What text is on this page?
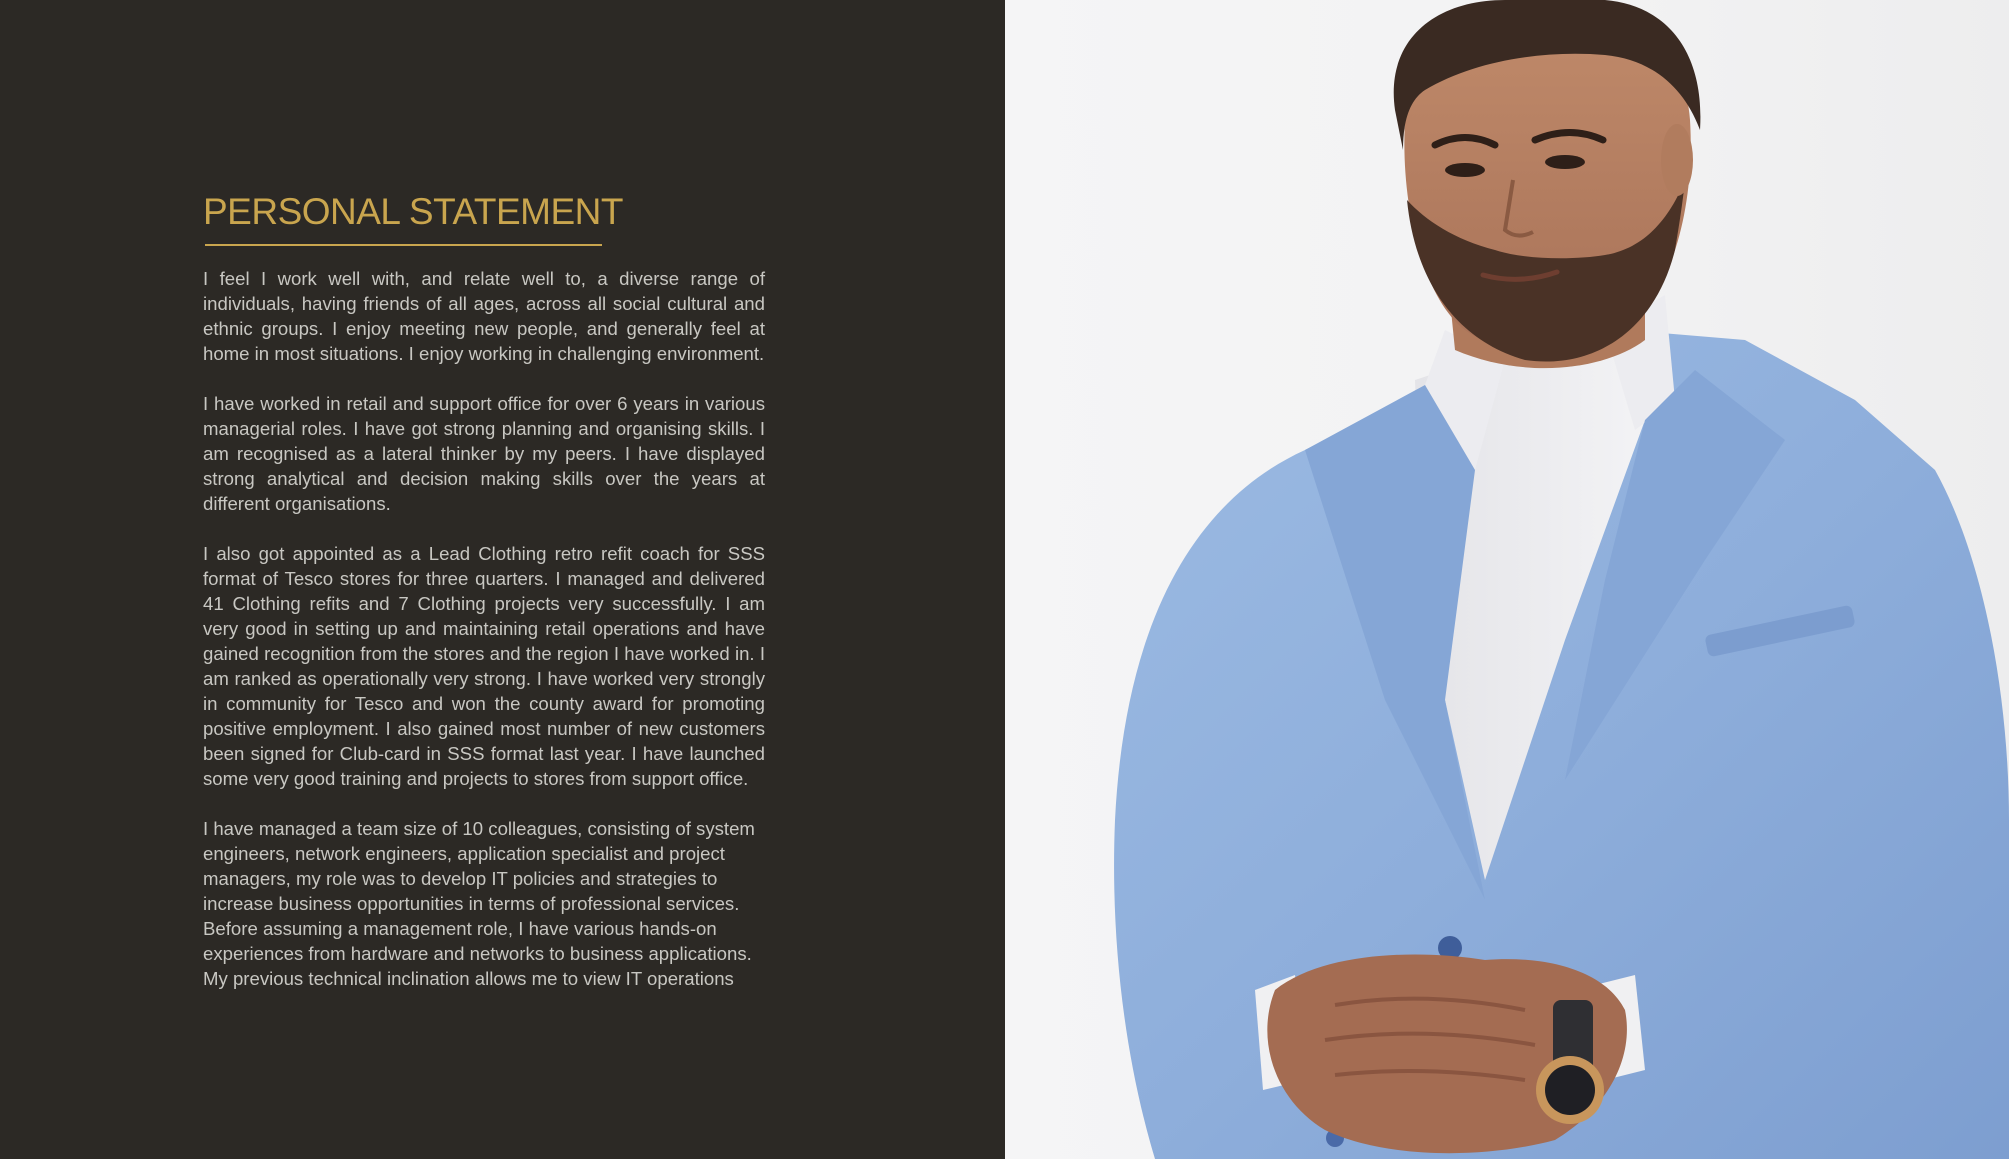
PERSONAL STATEMENT

I feel I work well with, and relate well to, a diverse range of individuals, having friends of all ages, across all social cultural and ethnic groups. I enjoy meeting new people, and generally feel at home in most situations. I enjoy working in challenging environment.

I have worked in retail and support office for over 6 years in various managerial roles. I have got strong planning and organising skills. I am recognised as a lateral thinker by my peers. I have displayed strong analytical and decision making skills over the years at different organisations.

I also got appointed as a Lead Clothing retro refit coach for SSS format of Tesco stores for three quarters. I managed and delivered 41 Clothing refits and 7 Clothing projects very successfully. I am very good in setting up and maintaining retail operations and have gained recognition from the stores and the region I have worked in. I am ranked as operationally very strong. I have worked very strongly in community for Tesco and won the county award for promoting positive employment. I also gained most number of new customers been signed for Club-card in SSS format last year. I have launched some very good training and projects to stores from support office.

I have managed a team size of 10 colleagues, consisting of system engineers, network engineers, application specialist and project managers, my role was to develop IT policies and strategies to increase business opportunities in terms of professional services. Before assuming a management role, I have various hands-on experiences from hardware and networks to business applications. My previous technical inclination allows me to view IT operations
